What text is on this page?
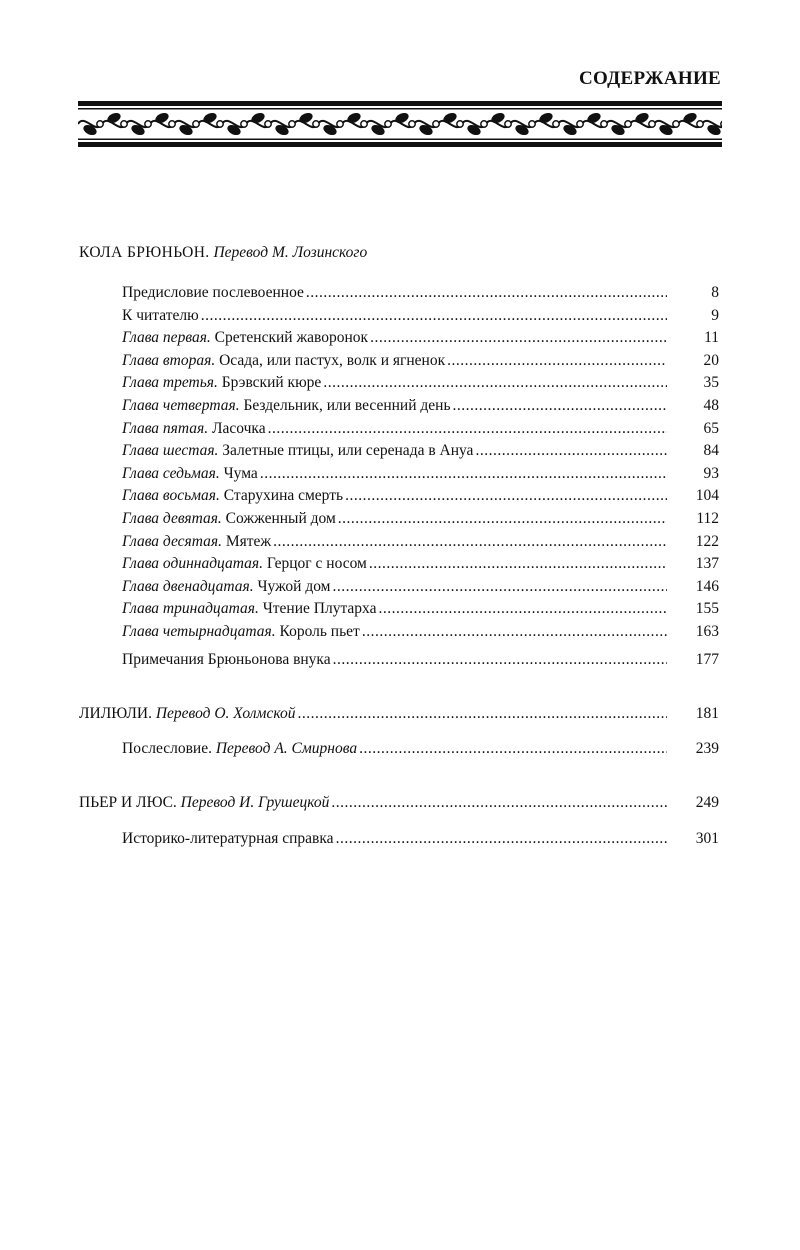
СОДЕРЖАНИЕ
КОЛА БРЮНЬОН. Перевод М. Лозинского
Предисловие послевоенное .....	8
К читателю .....	9
Глава первая. Сретенский жаворонок .....	11
Глава вторая. Осада, или пастух, волк и ягненок .....	20
Глава третья. Брэвский кюре .....	35
Глава четвертая. Бездельник, или весенний день .....	48
Глава пятая. Ласочка .....	65
Глава шестая. Залетные птицы, или серенада в Ануа .....	84
Глава седьмая. Чума .....	93
Глава восьмая. Старухина смерть .....	104
Глава девятая. Сожженный дом .....	112
Глава десятая. Мятеж .....	122
Глава одиннадцатая. Герцог с носом .....	137
Глава двенадцатая. Чужой дом .....	146
Глава тринадцатая. Чтение Плутарха .....	155
Глава четырнадцатая. Король пьет .....	163
Примечания Брюньонова внука .....	177
ЛИЛЮЛИ. Перевод О. Холмской .....	181
Послесловие. Перевод А. Смирнова .....	239
ПЬЕР И ЛЮС. Перевод И. Грушецкой .....	249
Историко-литературная справка .....	301
